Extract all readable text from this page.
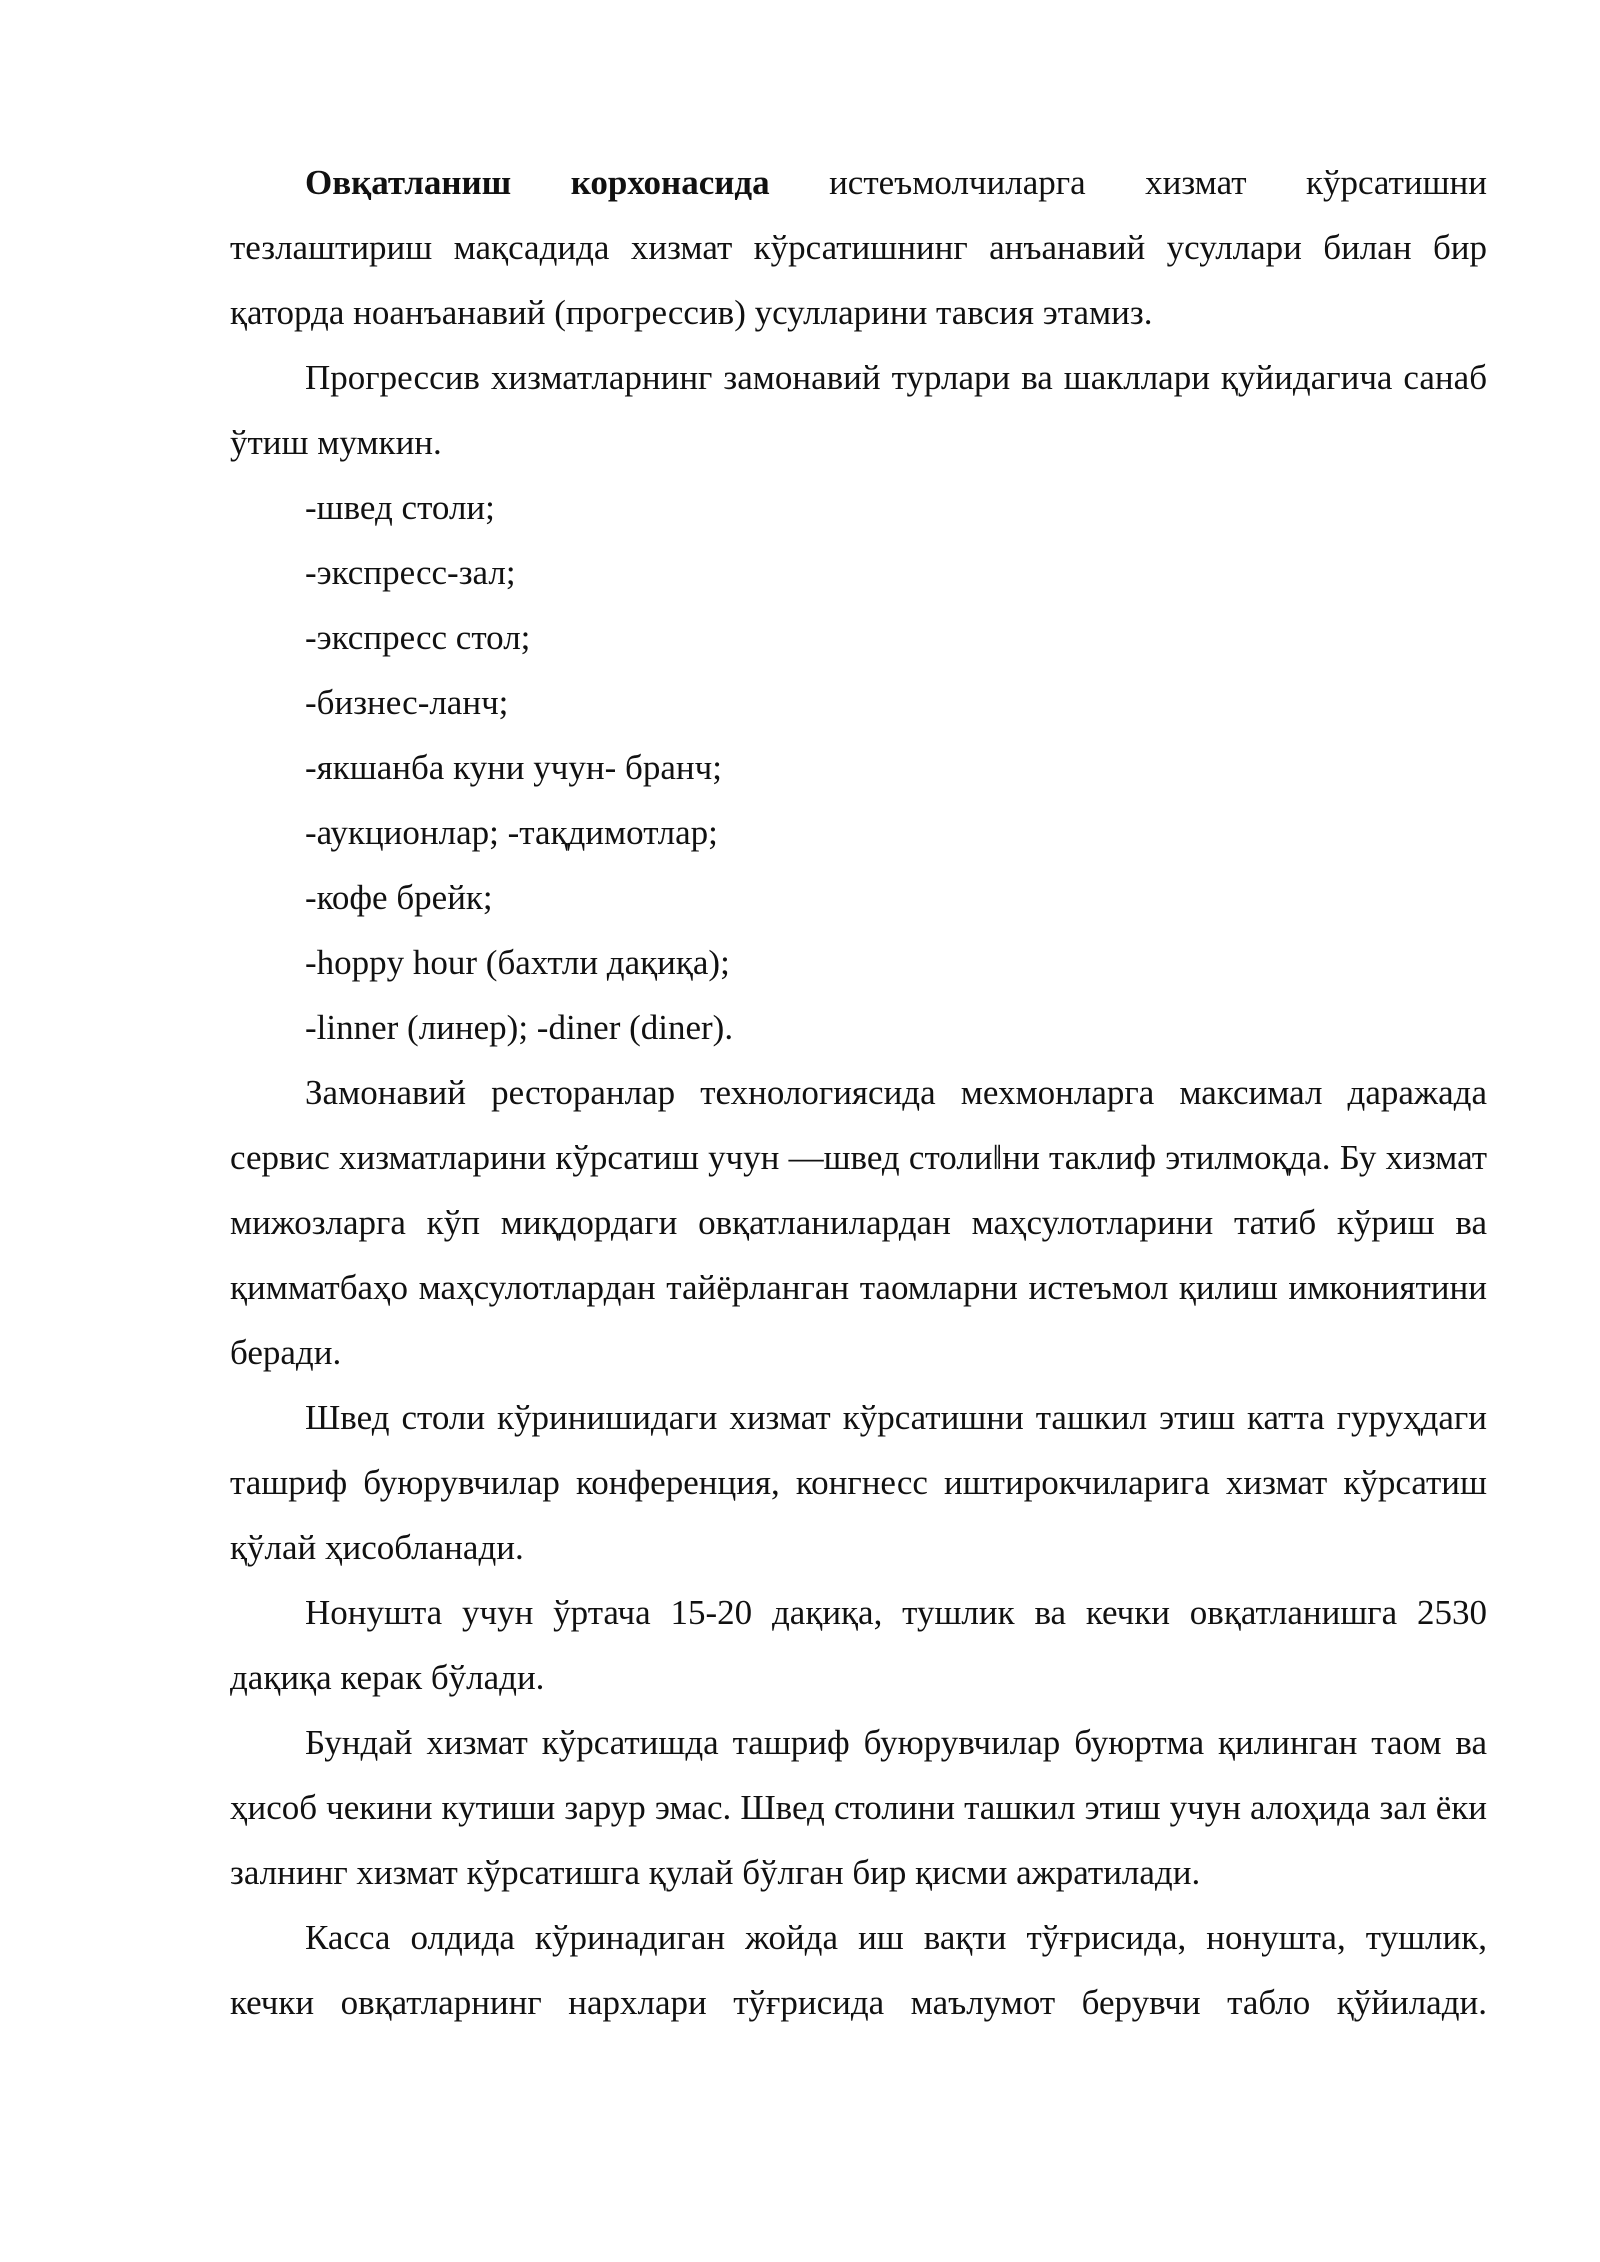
Овқатланиш корхонасида истеъмолчиларга хизмат кўрсатишни тезлаштириш мақсадида хизмат кўрсатишнинг анъанавий усуллари билан бир қаторда ноанъанавий (прогрессив) усулларини тавсия этамиз.

Прогрессив хизматларнинг замонавий турлари ва шакллари қуйидагича санаб ўтиш мумкин.

-швед столи;
-экспресс-зал;
-экспресс стол;
-бизнес-ланч;
-якшанба куни учун- бранч;
-аукционлар; -тақдимотлар;
-кофе брейк;
-hoppy hour (бахтли дақиқа);
-linner (линер); -diner (diner).

Замонавий ресторанлар технологиясида мехмонларга максимал даражада сервис хизматларини кўрсатиш учун ―швед столи‖ни таклиф этилмоқда. Бу хизмат мижозларга кўп миқдордаги овқатланилардан маҳсулотларини татиб кўриш ва қимматбаҳо маҳсулотлардан тайёрланган таомларни истеъмол қилиш имкониятини беради.

Швед столи кўринишидаги хизмат кўрсатишни ташкил этиш катта гуруҳдаги ташриф буюрувчилар конференция, конгнесс иштирокчиларига хизмат кўрсатиш қўлай ҳисобланади.

Нонушта учун ўртача 15-20 дақиқа, тушлик ва кечки овқатланишга 2530 дақиқа керак бўлади.

Бундай хизмат кўрсатишда ташриф буюрувчилар буюртма қилинган таом ва ҳисоб чекини кутиши зарур эмас. Швед столини ташкил этиш учун алоҳида зал ёки залнинг хизмат кўрсатишга қулай бўлган бир қисми ажратилади.

Касса олдида кўринадиган жойда иш вақти тўғрисида, нонушта, тушлик, кечки овқатларнинг нархлари тўғрисида маълумот берувчи табло қўйилади.
